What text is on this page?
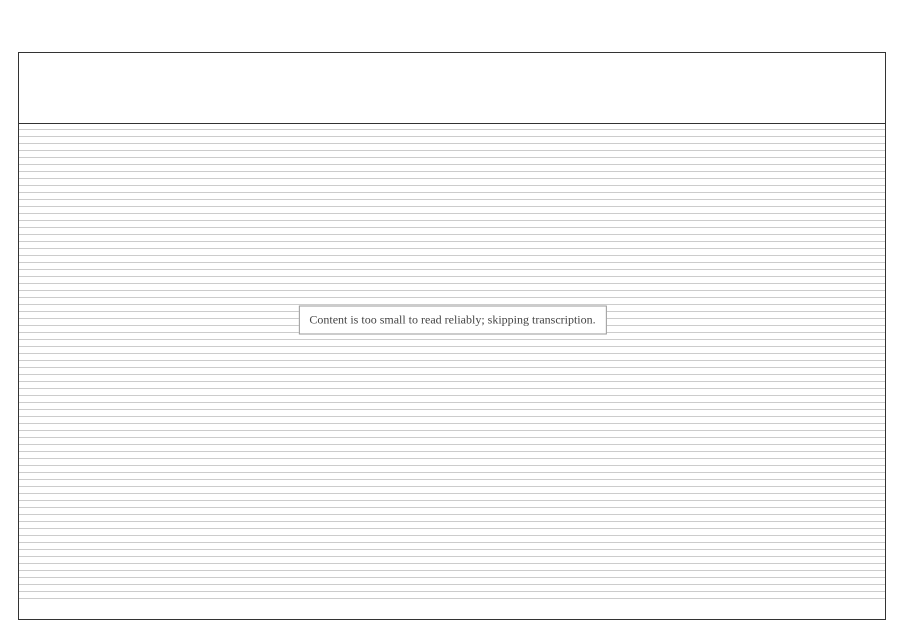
Content is too small to read reliably; skipping transcription.
